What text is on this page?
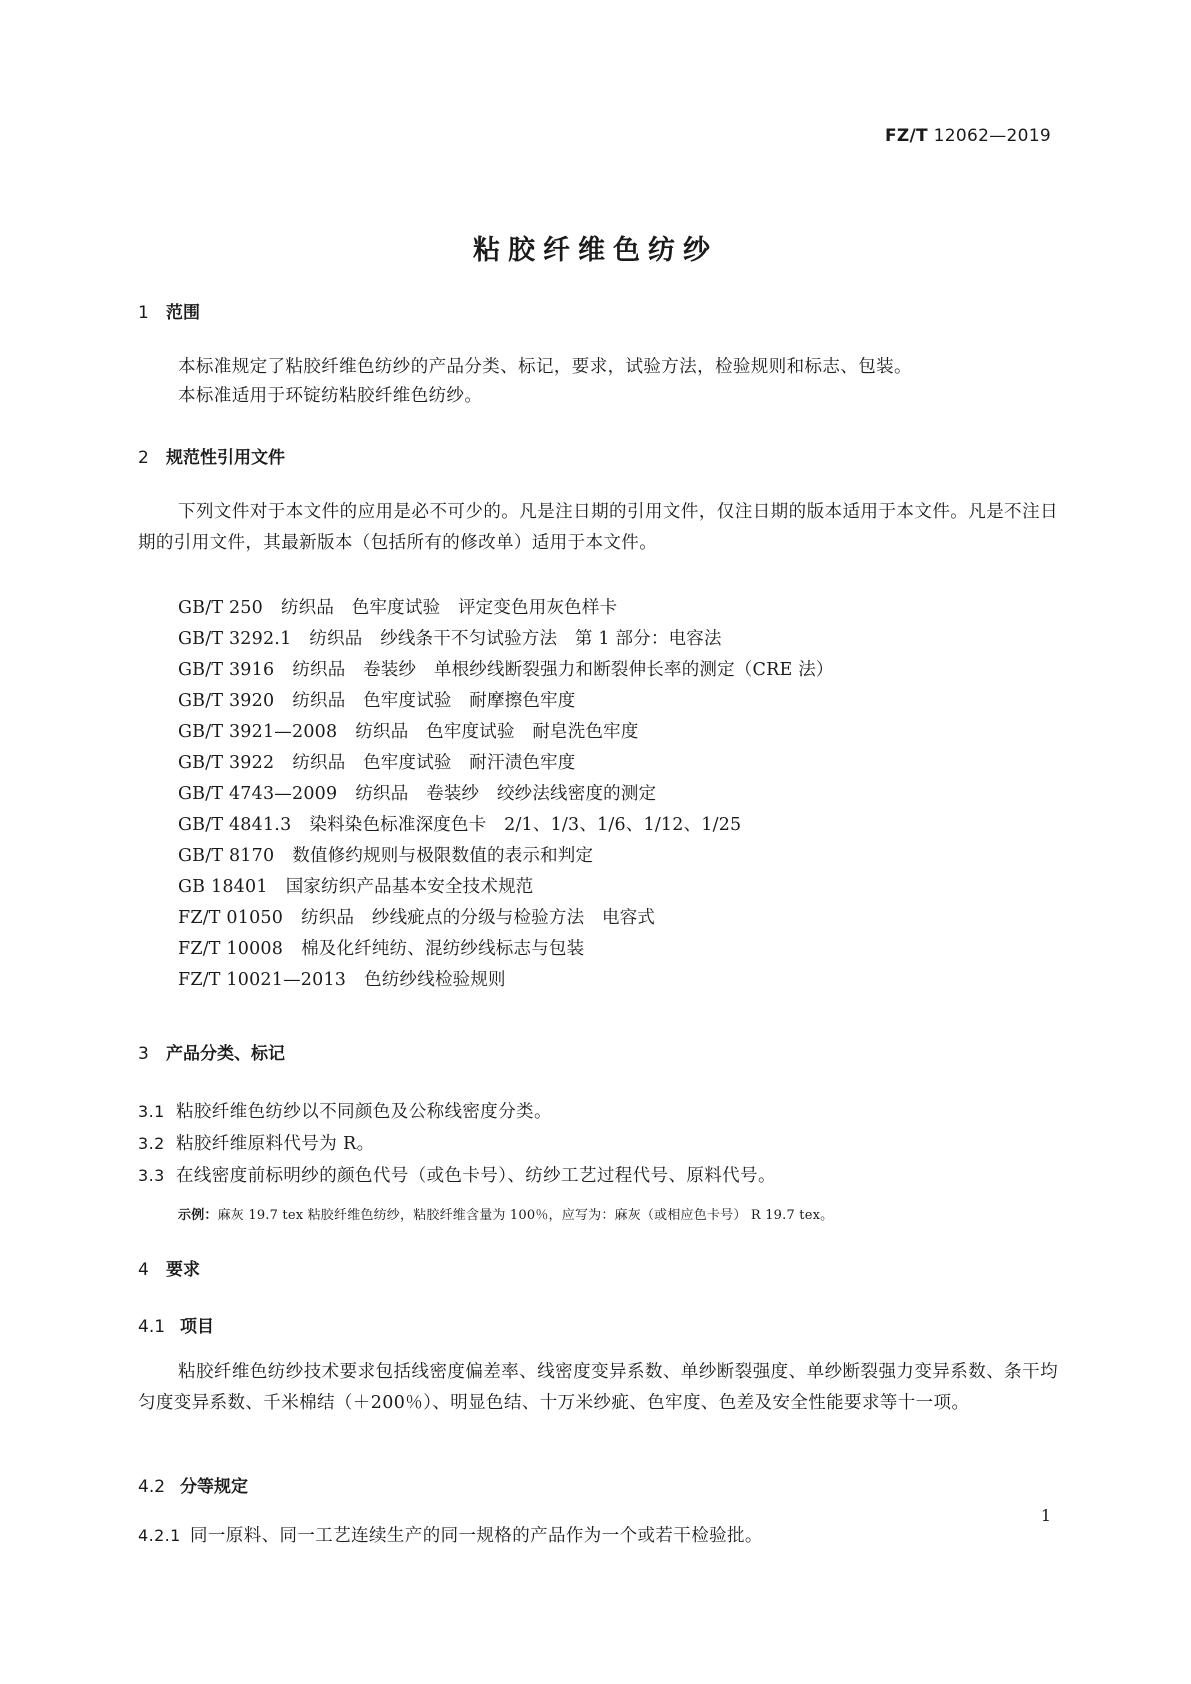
FZ/T 12062—2019
粘胶纤维色纺纱
1 范围
本标准规定了粘胶纤维色纺纱的产品分类、标记，要求，试验方法，检验规则和标志、包装。
本标准适用于环锭纺粘胶纤维色纺纱。
2 规范性引用文件
下列文件对于本文件的应用是必不可少的。凡是注日期的引用文件，仅注日期的版本适用于本文件。凡是不注日期的引用文件，其最新版本（包括所有的修改单）适用于本文件。
GB/T 250 纺织品　色牢度试验　评定变色用灰色样卡
GB/T 3292.1 纺织品　纱线条干不匀试验方法　第 1 部分：电容法
GB/T 3916 纺织品　卷装纱　单根纱线断裂强力和断裂伸长率的测定（CRE 法）
GB/T 3920 纺织品　色牢度试验　耐摩擦色牢度
GB/T 3921—2008 纺织品　色牢度试验　耐皂洗色牢度
GB/T 3922 纺织品　色牢度试验　耐汗渍色牢度
GB/T 4743—2009 纺织品　卷装纱　绞纱法线密度的测定
GB/T 4841.3 染料染色标准深度色卡　2/1、1/3、1/6、1/12、1/25
GB/T 8170 数值修约规则与极限数值的表示和判定
GB 18401 国家纺织产品基本安全技术规范
FZ/T 01050 纺织品　纱线疵点的分级与检验方法　电容式
FZ/T 10008 棉及化纤纯纺、混纺纱线标志与包装
FZ/T 10021—2013 色纺纱线检验规则
3 产品分类、标记
3.1 粘胶纤维色纺纱以不同颜色及公称线密度分类。
3.2 粘胶纤维原料代号为 R。
3.3 在线密度前标明纱的颜色代号（或色卡号）、纺纱工艺过程代号、原料代号。
示例：麻灰 19.7 tex 粘胶纤维色纺纱，粘胶纤维含量为 100％，应写为：麻灰（或相应色卡号） R 19.7 tex。
4 要求
4.1 项目
粘胶纤维色纺纱技术要求包括线密度偏差率、线密度变异系数、单纱断裂强度、单纱断裂强力变异系数、条干均匀度变异系数、千米棉结（＋200％）、明显色结、十万米纱疵、色牢度、色差及安全性能要求等十一项。
4.2 分等规定
4.2.1 同一原料、同一工艺连续生产的同一规格的产品作为一个或若干检验批。
1
